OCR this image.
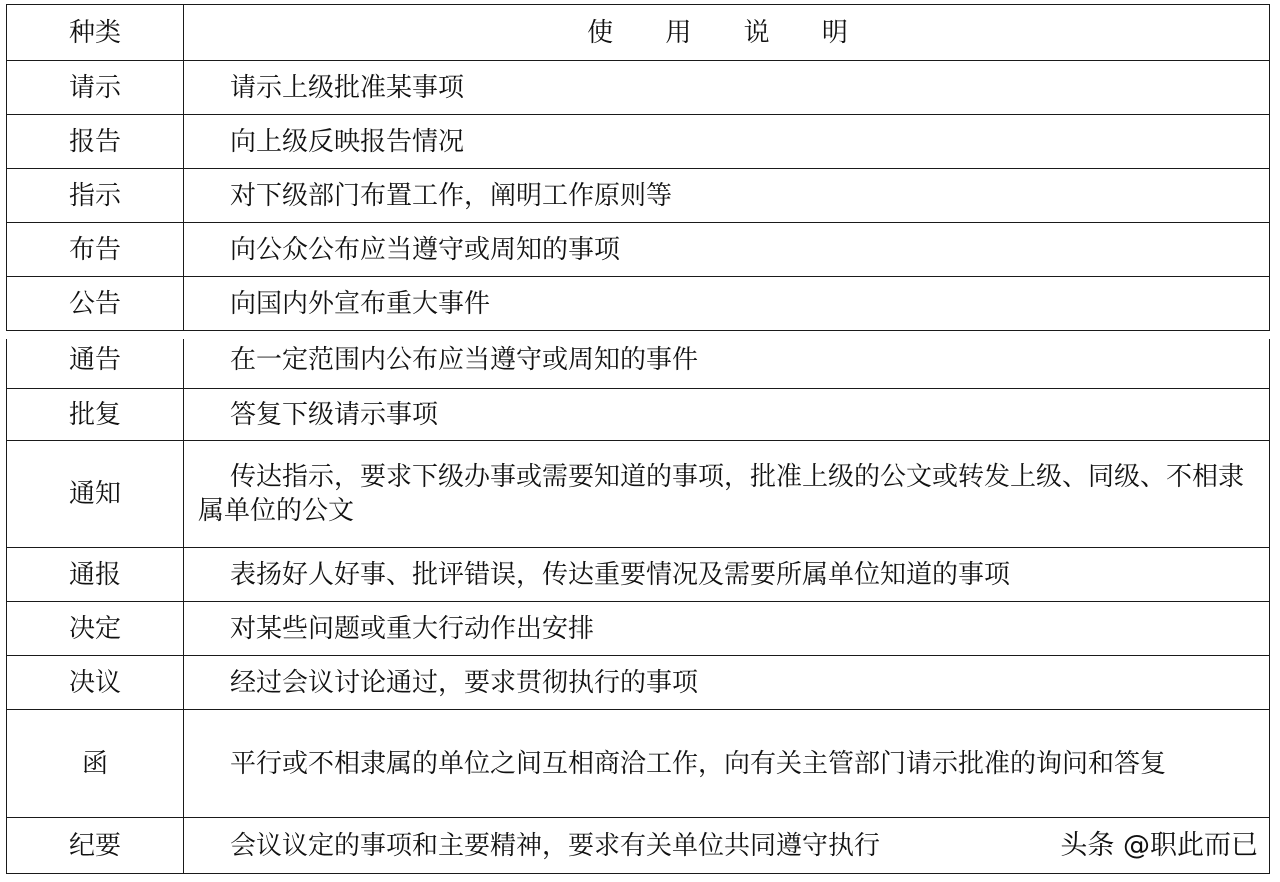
种类	使 用 说 明
请示	请示上级批准某事项
报告	向上级反映报告情况
指示	对下级部门布置工作，阐明工作原则等
布告	向公众公布应当遵守或周知的事项
公告	向国内外宣布重大事件
通告	在一定范围内公布应当遵守或周知的事件
批复	答复下级请示事项
通知	传达指示，要求下级办事或需要知道的事项，批准上级的公文或转发上级、同级、不相隶属单位的公文
通报	表扬好人好事、批评错误，传达重要情况及需要所属单位知道的事项
决定	对某些问题或重大行动作出安排
决议	经过会议讨论通过，要求贯彻执行的事项
函	平行或不相隶属的单位之间互相商洽工作，向有关主管部门请示批准的询问和答复
纪要	会议议定的事项和主要精神，要求有关单位共同遵守执行	头条 @职此而已
